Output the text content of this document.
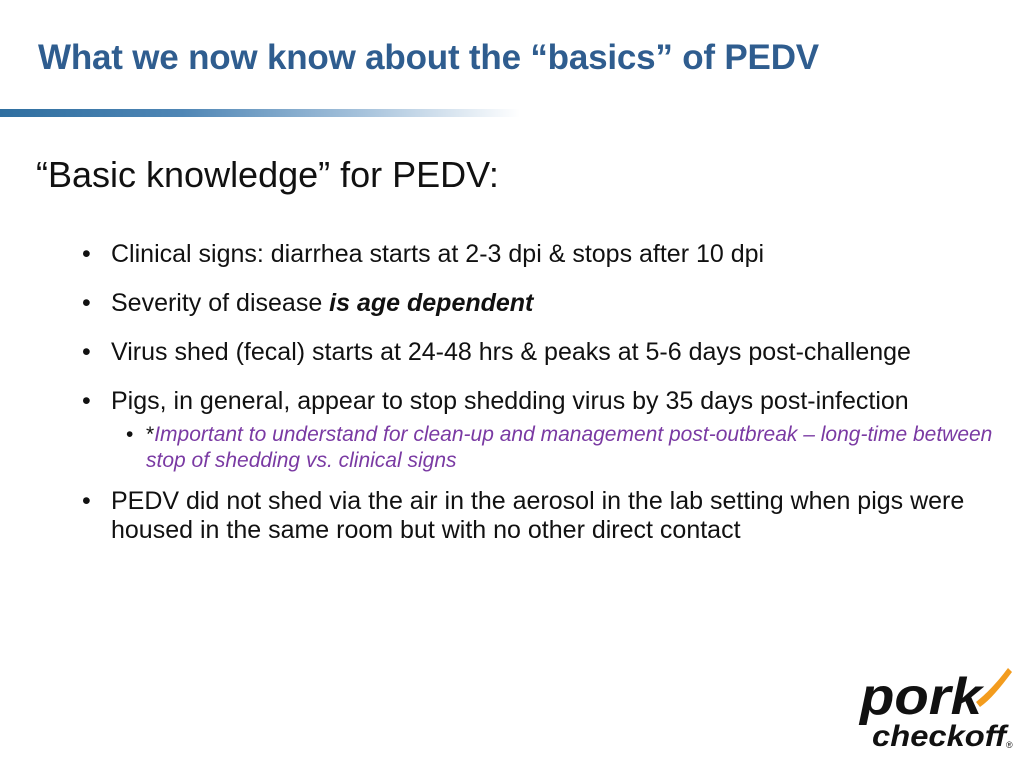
What we now know about the “basics” of PEDV
“Basic knowledge” for PEDV:
• Clinical signs: diarrhea starts at 2-3 dpi & stops after 10 dpi
• Severity of disease is age dependent
• Virus shed (fecal) starts at 24-48 hrs & peaks at 5-6 days post-challenge
• Pigs, in general, appear to stop shedding virus by 35 days post-infection
• *Important to understand for clean-up and management post-outbreak – long-time between stop of shedding vs. clinical signs
• PEDV did not shed via the air in the aerosol in the lab setting when pigs were housed in the same room but with no other direct contact
pork
checkoff
®
